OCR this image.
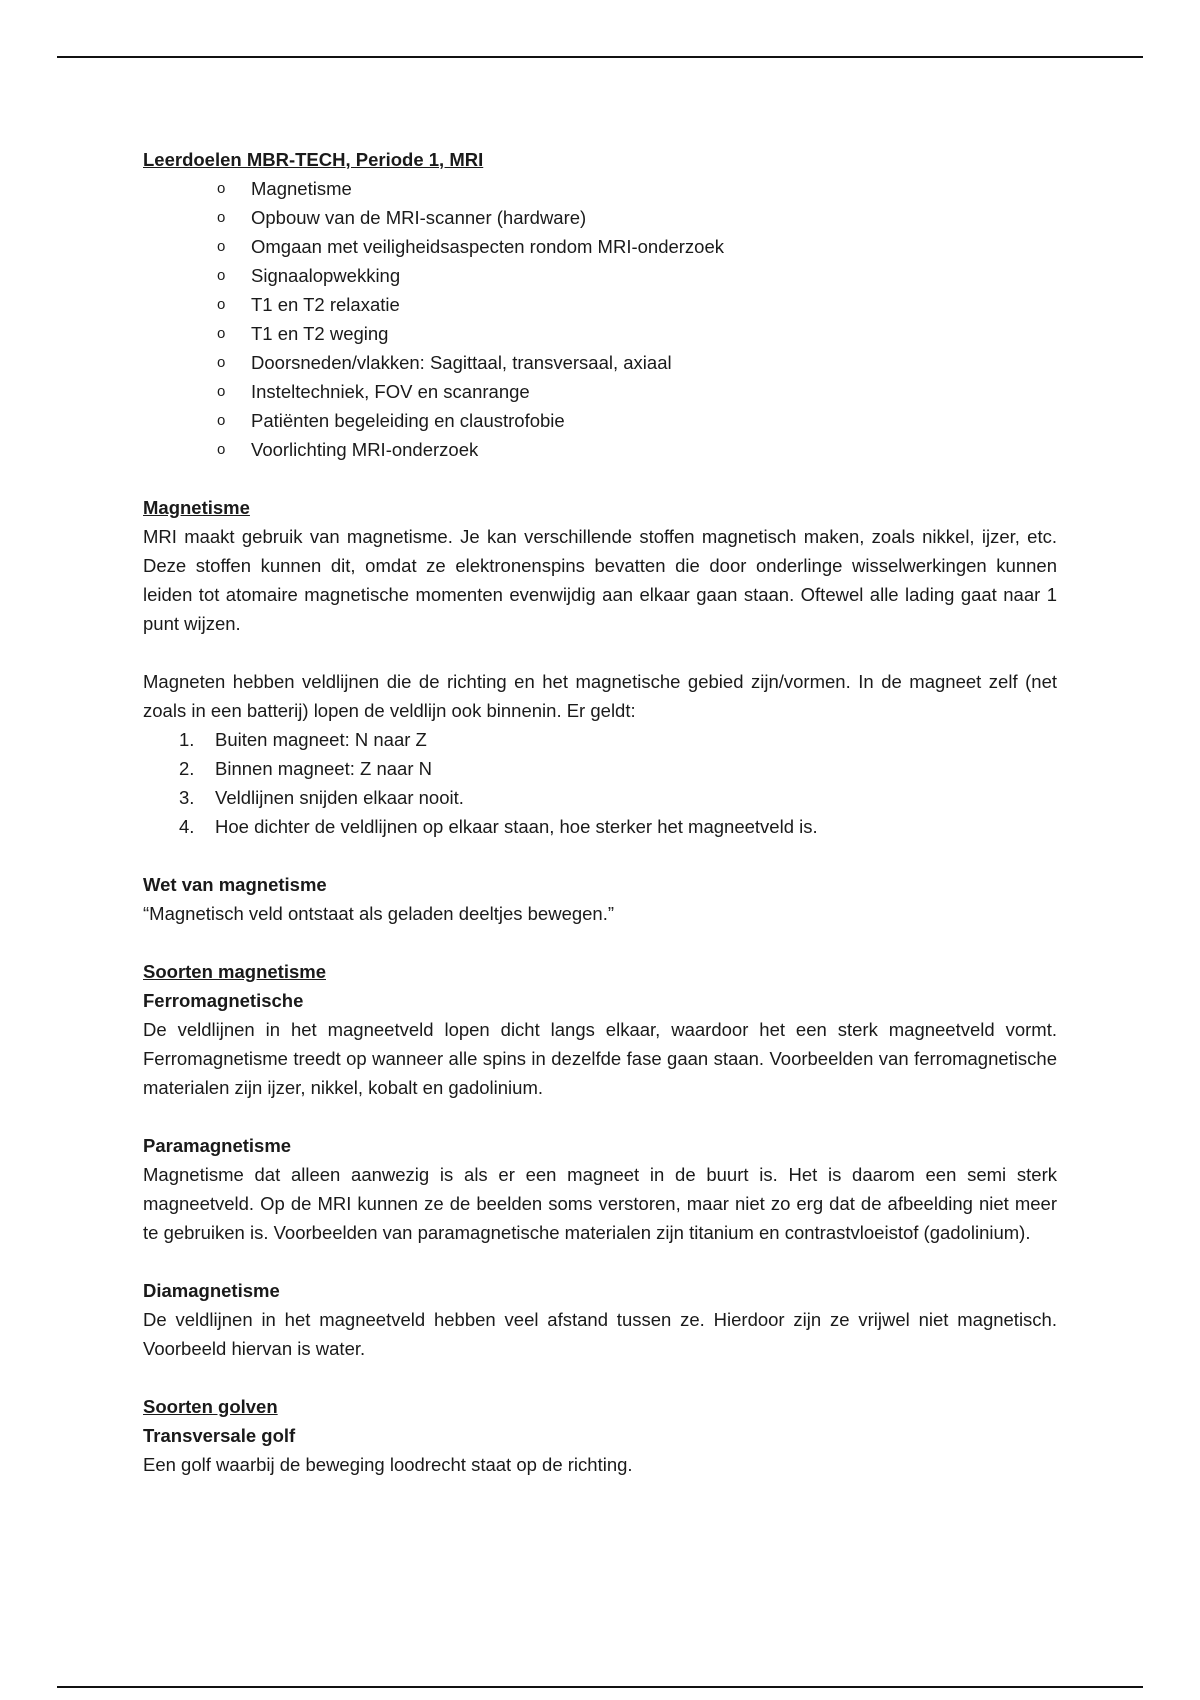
Leerdoelen MBR-TECH, Periode 1, MRI
o Magnetisme
o Opbouw van de MRI-scanner (hardware)
o Omgaan met veiligheidsaspecten rondom MRI-onderzoek
o Signaalopwekking
o T1 en T2 relaxatie
o T1 en T2 weging
o Doorsneden/vlakken: Sagittaal, transversaal, axiaal
o Insteltechniek, FOV en scanrange
o Patiënten begeleiding en claustrofobie
o Voorlichting MRI-onderzoek
Magnetisme

MRI maakt gebruik van magnetisme. Je kan verschillende stoffen magnetisch maken, zoals nikkel, ijzer, etc. Deze stoffen kunnen dit, omdat ze elektronenspins bevatten die door onderlinge wisselwerkingen kunnen leiden tot atomaire magnetische momenten evenwijdig aan elkaar gaan staan. Oftewel alle lading gaat naar 1 punt wijzen.

Magneten hebben veldlijnen die de richting en het magnetische gebied zijn/vormen. In de magneet zelf (net zoals in een batterij) lopen de veldlijn ook binnenin. Er geldt:

1. Buiten magneet: N naar Z
2. Binnen magneet: Z naar N
3. Veldlijnen snijden elkaar nooit.
4. Hoe dichter de veldlijnen op elkaar staan, hoe sterker het magneetveld is.
Wet van magnetisme

“Magnetisch veld ontstaat als geladen deeltjes bewegen.”

Soorten magnetisme
Ferromagnetische

De veldlijnen in het magneetveld lopen dicht langs elkaar, waardoor het een sterk magneetveld vormt. Ferromagnetisme treedt op wanneer alle spins in dezelfde fase gaan staan. Voorbeelden van ferromagnetische materialen zijn ijzer, nikkel, kobalt en gadolinium.

Paramagnetisme

Magnetisme dat alleen aanwezig is als er een magneet in de buurt is. Het is daarom een semi sterk magneetveld. Op de MRI kunnen ze de beelden soms verstoren, maar niet zo erg dat de afbeelding niet meer te gebruiken is. Voorbeelden van paramagnetische materialen zijn titanium en contrastvloeistof (gadolinium).

Diamagnetisme

De veldlijnen in het magneetveld hebben veel afstand tussen ze. Hierdoor zijn ze vrijwel niet magnetisch. Voorbeeld hiervan is water.

Soorten golven
Transversale golf

Een golf waarbij de beweging loodrecht staat op de richting.
